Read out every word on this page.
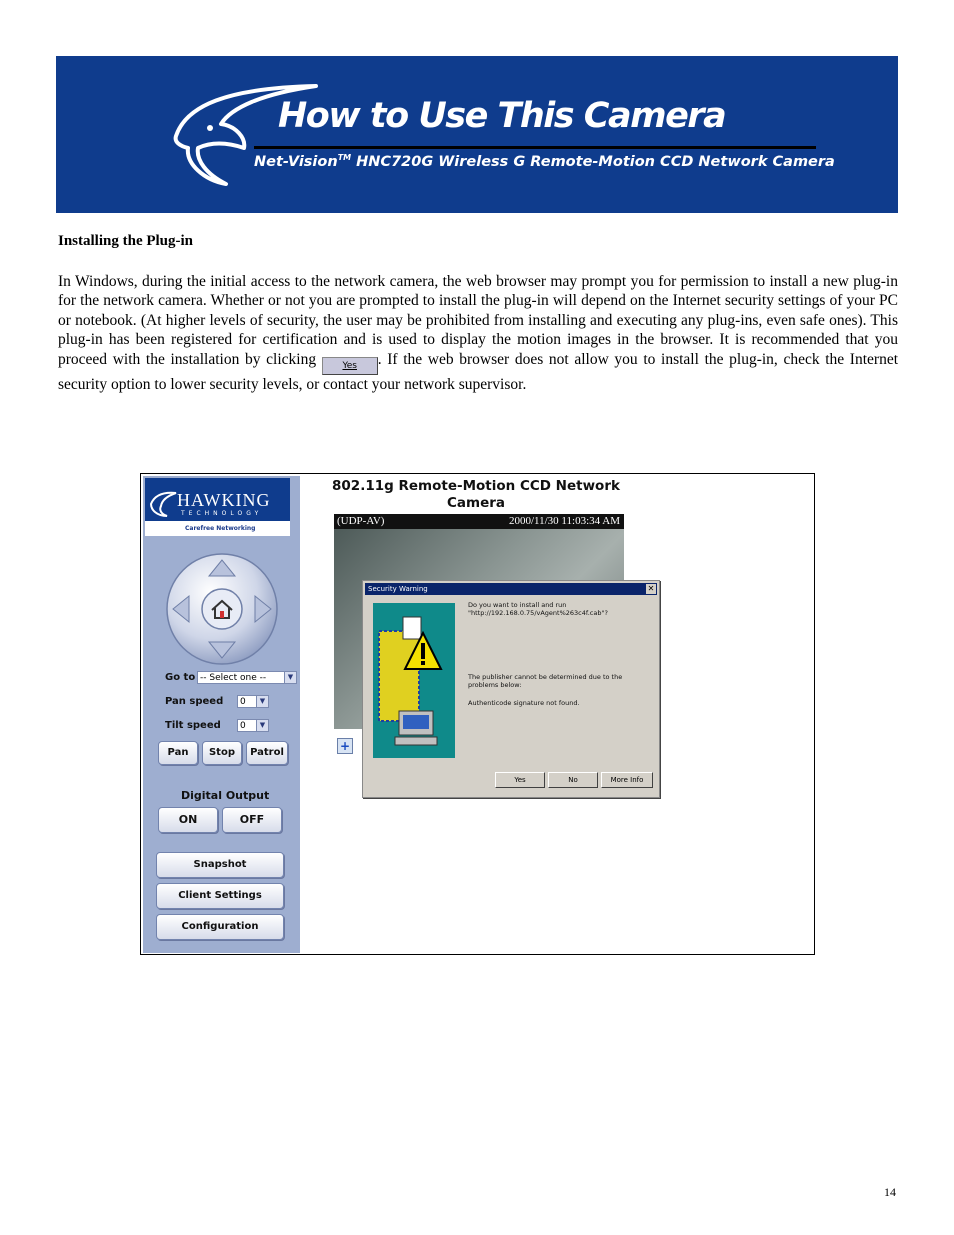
How to Use This Camera
Net-Vision™ HNC720G Wireless G Remote-Motion CCD Network Camera
Installing the Plug-in
In Windows, during the initial access to the network camera, the web browser may prompt you for permission to install a new plug-in for the network camera. Whether or not you are prompted to install the plug-in will depend on the Internet security settings of your PC or notebook. (At higher levels of security, the user may be prohibited from installing and executing any plug-ins, even safe ones). This plug-in has been registered for certification and is used to display the motion images in the browser. It is recommended that you proceed with the installation by clicking Yes . If the web browser does not allow you to install the plug-in, check the Internet security option to lower security levels, or contact your network supervisor.
HAWKING
TECHNOLOGY
Carefree Networking
Go to -- Select one --	▼
Pan speed	0	▼
Tilt speed	0	▼
Pan	Stop	Patrol
Digital Output
ON	OFF
Snapshot
Client Settings
Configuration
802.11g Remote-Motion CCD Network Camera
(UDP-AV)	2000/11/30 11:03:34 AM
+
Security Warning	✕
Do you want to install and run "http://192.168.0.75/vAgent%263c4f.cab"?
The publisher cannot be determined due to the problems below:
Authenticode signature not found.
Yes	No	More Info
14
